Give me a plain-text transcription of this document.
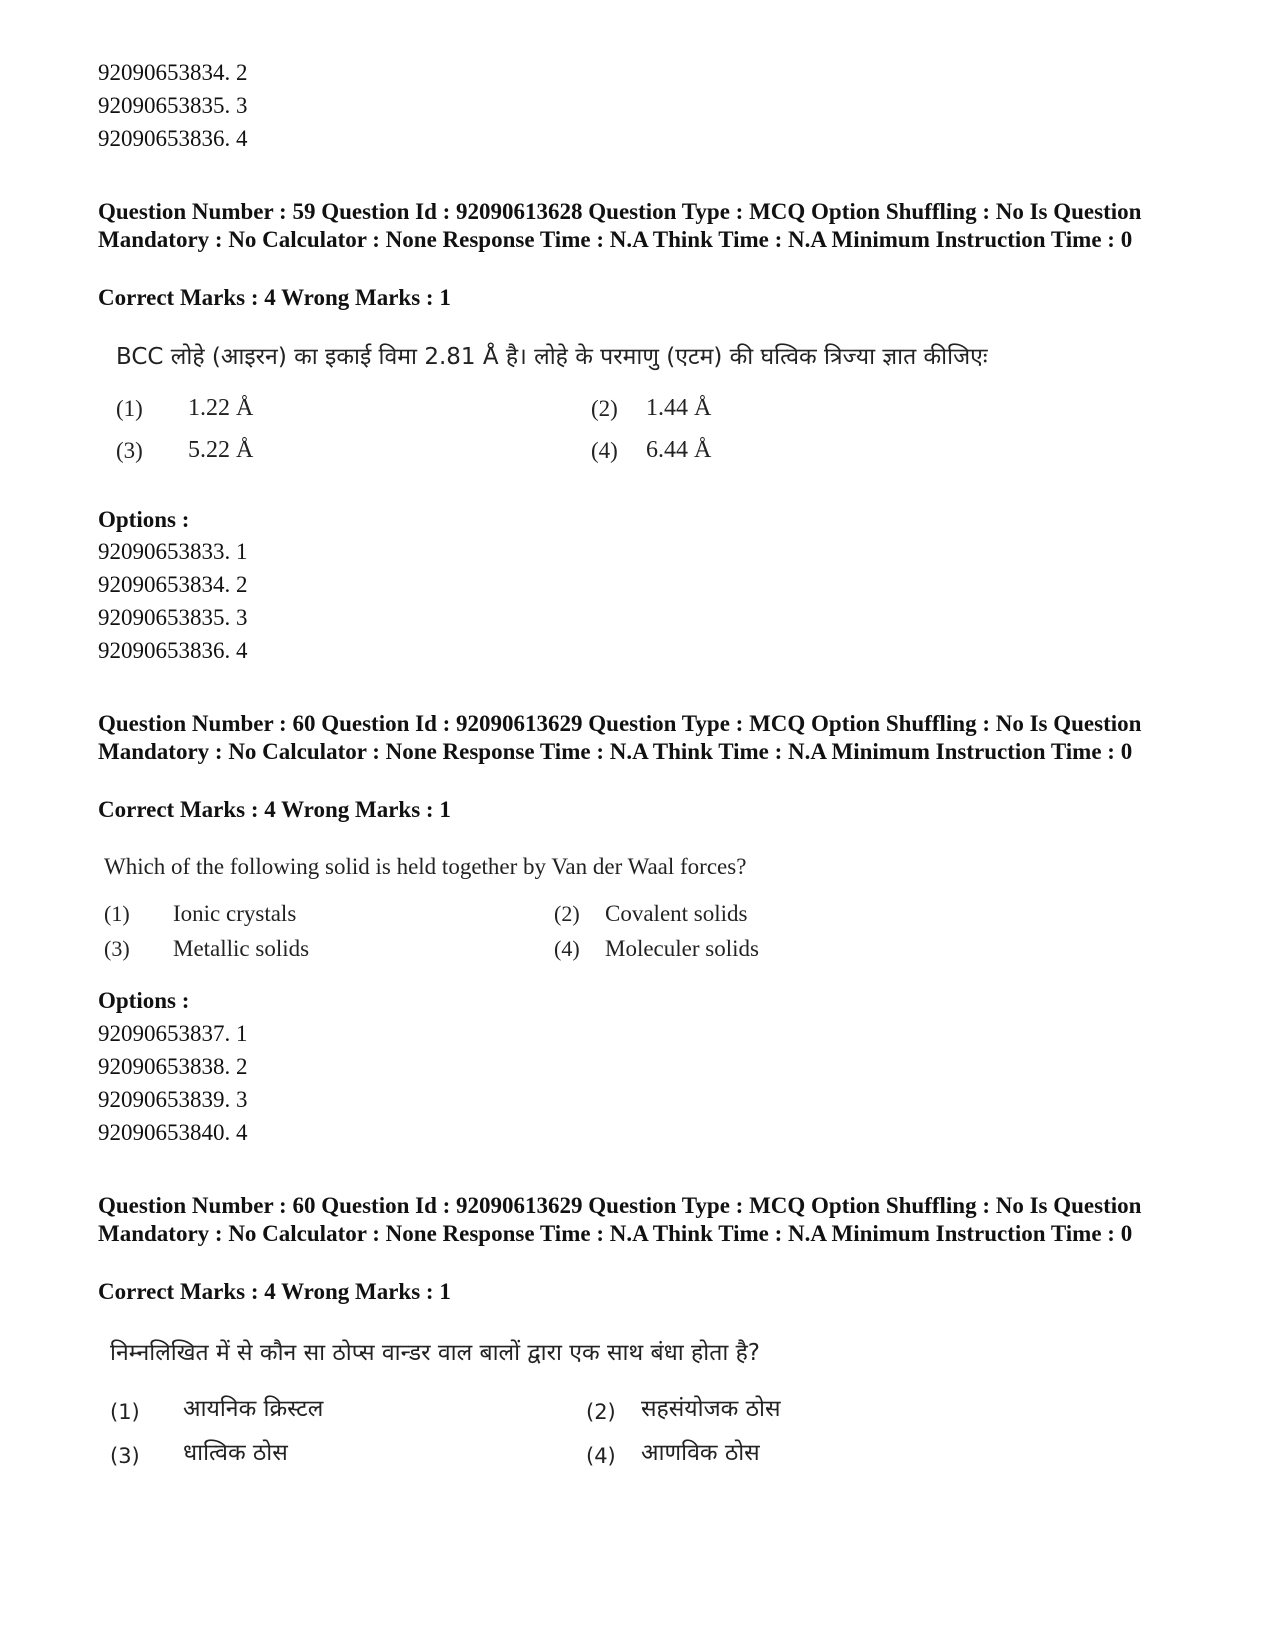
92090653834. 2
92090653835. 3
92090653836. 4
Question Number : 59 Question Id : 92090613628 Question Type : MCQ Option Shuffling : No Is Question Mandatory : No Calculator : None Response Time : N.A Think Time : N.A Minimum Instruction Time : 0
Correct Marks : 4 Wrong Marks : 1
BCC लोहे (आइरन) का इकाई विमा 2.81 Å है। लोहे के परमाणु (एटम) की घत्विक त्रिज्या ज्ञात कीजिएः
(1) 1.22 Å	(2) 1.44 Å
(3) 5.22 Å	(4) 6.44 Å
Options :
92090653833. 1
92090653834. 2
92090653835. 3
92090653836. 4
Question Number : 60 Question Id : 92090613629 Question Type : MCQ Option Shuffling : No Is Question Mandatory : No Calculator : None Response Time : N.A Think Time : N.A Minimum Instruction Time : 0
Correct Marks : 4 Wrong Marks : 1
Which of the following solid is held together by Van der Waal forces?
(1) Ionic crystals	(2) Covalent solids
(3) Metallic solids	(4) Moleculer solids
Options :
92090653837. 1
92090653838. 2
92090653839. 3
92090653840. 4
Question Number : 60 Question Id : 92090613629 Question Type : MCQ Option Shuffling : No Is Question Mandatory : No Calculator : None Response Time : N.A Think Time : N.A Minimum Instruction Time : 0
Correct Marks : 4 Wrong Marks : 1
निम्नलिखित में से कौन सा ठोप्स वान्डर वाल बालों द्वारा एक साथ बंधा होता है?
(1) आयनिक क्रिस्टल	(2) सहसंयोजक ठोस
(3) धात्विक ठोस	(4) आणविक ठोस
